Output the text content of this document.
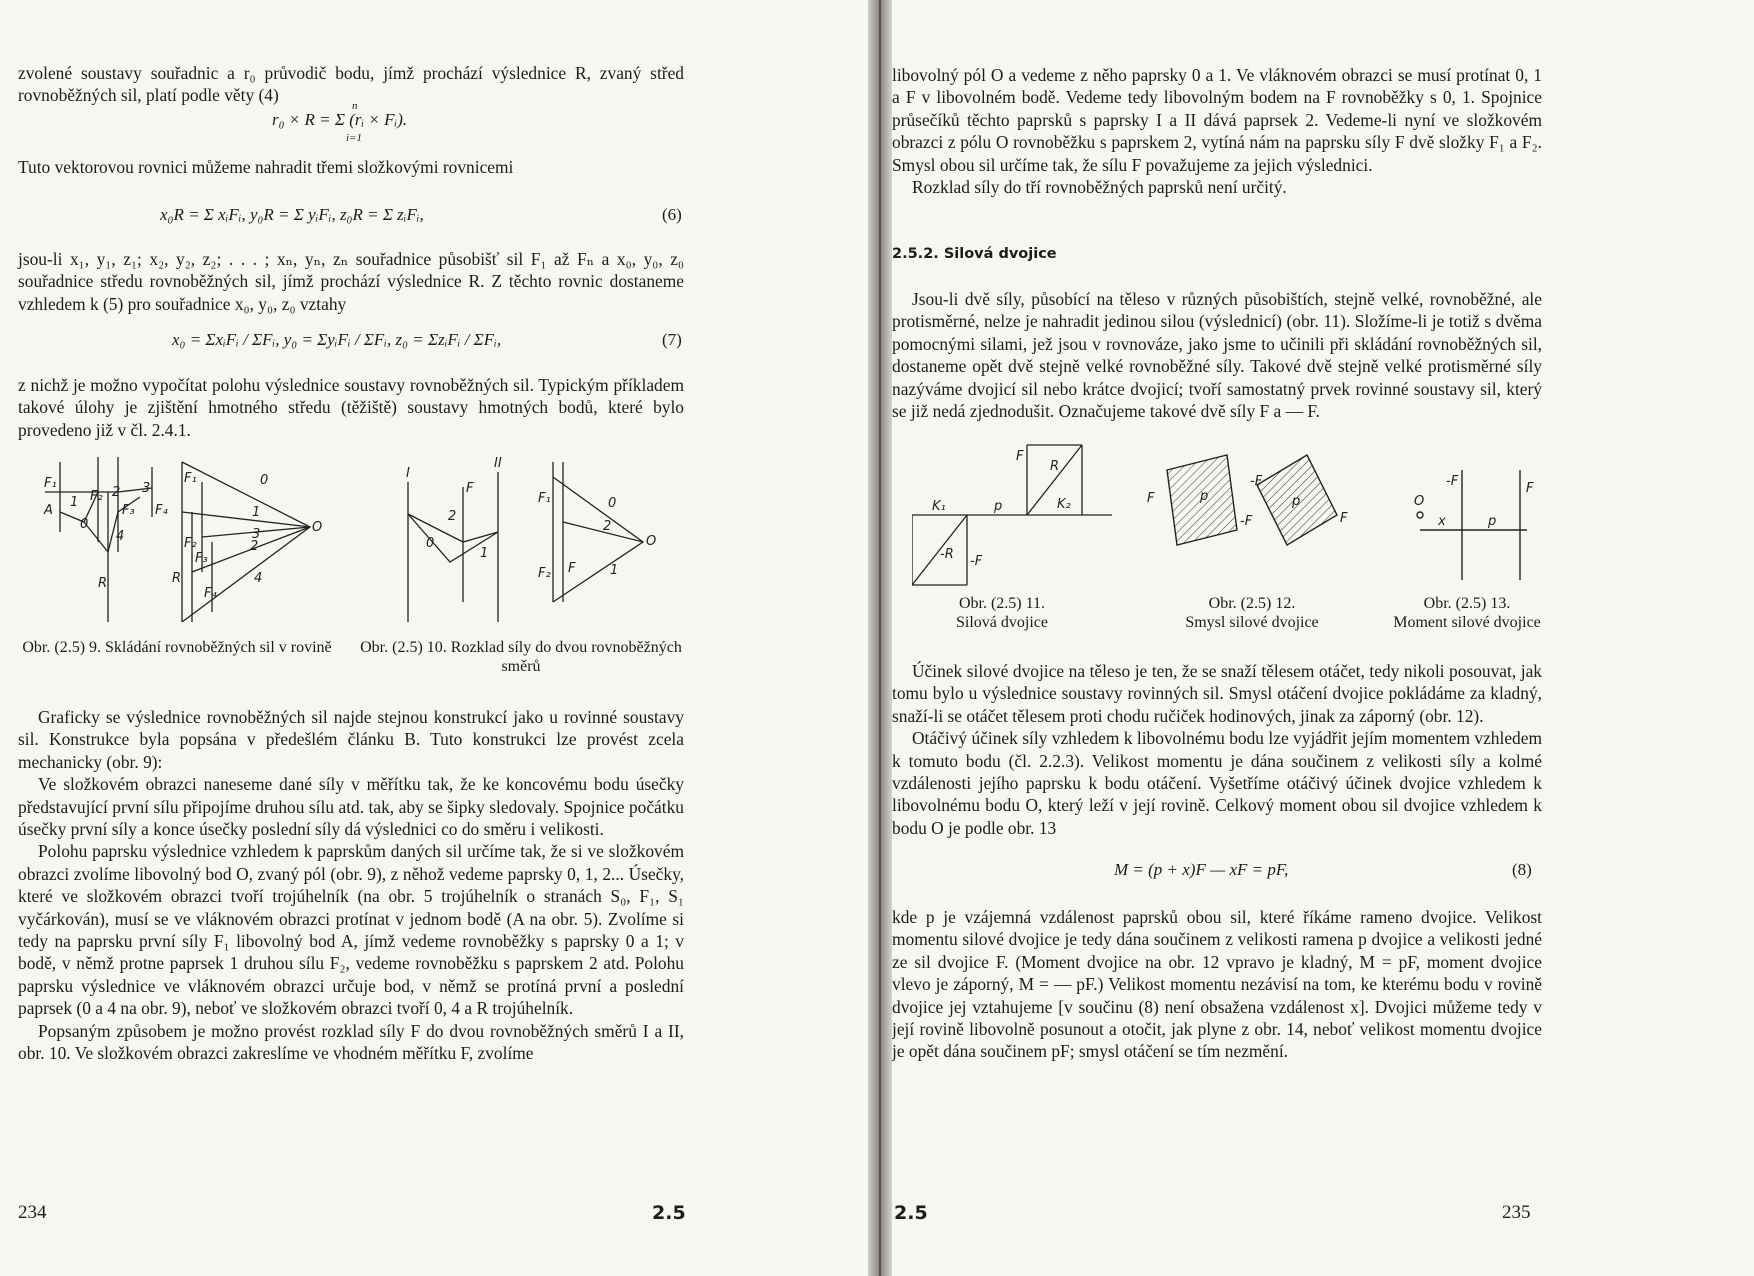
zvolené soustavy souřadnic a r₀ průvodič bodu, jímž prochází výslednice R, zvaný střed rovnoběžných sil, platí podle věty (4)

r₀ × R = Σ (rᵢ × Fᵢ).
n
i=1

Tuto vektorovou rovnici můžeme nahradit třemi složkovými rovnicemi

x₀R = Σ xᵢFᵢ, y₀R = Σ yᵢFᵢ, z₀R = Σ zᵢFᵢ,	(6)

jsou-li x₁, y₁, z₁; x₂, y₂, z₂; . . . ; xₙ, yₙ, zₙ souřadnice působišť sil F₁ až Fₙ a x₀, y₀, z₀ souřadnice středu rovnoběžných sil, jímž prochází výslednice R. Z těchto rovnic dostaneme vzhledem k (5) pro souřadnice x₀, y₀, z₀ vztahy

x₀ = ΣxᵢFᵢ / ΣFᵢ, y₀ = ΣyᵢFᵢ / ΣFᵢ, z₀ = ΣzᵢFᵢ / ΣFᵢ,	(7)

z nichž je možno vypočítat polohu výslednice soustavy rovnoběžných sil. Typickým příkladem takové úlohy je zjištění hmotného středu (těžiště) soustavy hmotných bodů, které bylo provedeno již v čl. 2.4.1.

F₁
A
1 F₂
0
2
F₃
3
F₄
4
R
F₁
F₂
F₃
R
F₄
0
1
2
3
4
O
I
II
F
2
0
1
F₁
F₂ F
0
2
1
O
Obr. (2.5) 9. Skládání rovnoběžných sil v rovině	Obr. (2.5) 10. Rozklad síly do dvou rovnoběžných směrů

Graficky se výslednice rovnoběžných sil najde stejnou konstrukcí jako u rovinné soustavy sil. Konstrukce byla popsána v předešlém článku B. Tuto konstrukci lze provést zcela mechanicky (obr. 9):

Ve složkovém obrazci naneseme dané síly v měřítku tak, že ke koncovému bodu úsečky představující první sílu připojíme druhou sílu atd. tak, aby se šipky sledovaly. Spojnice počátku úsečky první síly a konce úsečky poslední síly dá výslednici co do směru i velikosti.

Polohu paprsku výslednice vzhledem k paprskům daných sil určíme tak, že si ve složkovém obrazci zvolíme libovolný bod O, zvaný pól (obr. 9), z něhož vedeme paprsky 0, 1, 2... Úsečky, které ve složkovém obrazci tvoří trojúhelník (na obr. 5 trojúhelník o stranách S₀, F₁, S₁ vyčárkován), musí se ve vláknovém obrazci protínat v jednom bodě (A na obr. 5). Zvolíme si tedy na paprsku první síly F₁ libovolný bod A, jímž vedeme rovnoběžky s paprsky 0 a 1; v bodě, v němž protne paprsek 1 druhou sílu F₂, vedeme rovnoběžku s paprskem 2 atd. Polohu paprsku výslednice ve vláknovém obrazci určuje bod, v němž se protíná první a poslední paprsek (0 a 4 na obr. 9), neboť ve složkovém obrazci tvoří 0, 4 a R trojúhelník.

Popsaným způsobem je možno provést rozklad síly F do dvou rovnoběžných směrů I a II, obr. 10. Ve složkovém obrazci zakreslíme ve vhodném měřítku F, zvolíme

234	2.5

libovolný pól O a vedeme z něho paprsky 0 a 1. Ve vláknovém obrazci se musí protínat 0, 1 a F v libovolném bodě. Vedeme tedy libovolným bodem na F rovnoběžky s 0, 1. Spojnice průsečíků těchto paprsků s paprsky I a II dává paprsek 2. Vedeme-li nyní ve složkovém obrazci z pólu O rovnoběžku s paprskem 2, vytíná nám na paprsku síly F dvě složky F₁ a F₂. Smysl obou sil určíme tak, že sílu F považujeme za jejich výslednici.

Rozklad síly do tří rovnoběžných paprsků není určitý.

2.5.2. Silová dvojice

Jsou-li dvě síly, působící na těleso v různých působištích, stejně velké, rovnoběžné, ale protisměrné, nelze je nahradit jedinou silou (výslednicí) (obr. 11). Složíme-li je totiž s dvěma pomocnými silami, jež jsou v rovnováze, jako jsme to učinili při skládání rovnoběžných sil, dostaneme opět dvě stejně velké rovnoběžné síly. Takové dvě stejně velké protisměrné síly nazýváme dvojicí sil nebo krátce dvojicí; tvoří samostatný prvek rovinné soustavy sil, který se již nedá zjednodušit. Označujeme takové dvě síly F a — F.

F
R
K₁	p	K₂
-R -F
F	p
-F
-F
p
F
O
-F	F
x	p
Obr. (2.5) 11.
Silová dvojice
Obr. (2.5) 12.
Smysl silové dvojice
Obr. (2.5) 13.
Moment silové dvojice

Účinek silové dvojice na těleso je ten, že se snaží tělesem otáčet, tedy nikoli posouvat, jak tomu bylo u výslednice soustavy rovinných sil. Smysl otáčení dvojice pokládáme za kladný, snaží-li se otáčet tělesem proti chodu ručiček hodinových, jinak za záporný (obr. 12).

Otáčivý účinek síly vzhledem k libovolnému bodu lze vyjádřit jejím momentem vzhledem k tomuto bodu (čl. 2.2.3). Velikost momentu je dána součinem z velikosti síly a kolmé vzdálenosti jejího paprsku k bodu otáčení. Vyšetříme otáčivý účinek dvojice vzhledem k libovolnému bodu O, který leží v její rovině. Celkový moment obou sil dvojice vzhledem k bodu O je podle obr. 13

M = (p + x)F — xF = pF,	(8)

kde p je vzájemná vzdálenost paprsků obou sil, které říkáme rameno dvojice. Velikost momentu silové dvojice je tedy dána součinem z velikosti ramena p dvojice a velikosti jedné ze sil dvojice F. (Moment dvojice na obr. 12 vpravo je kladný, M = pF, moment dvojice vlevo je záporný, M = — pF.) Velikost momentu nezávisí na tom, ke kterému bodu v rovině dvojice jej vztahujeme [v součinu (8) není obsažena vzdálenost x]. Dvojici můžeme tedy v její rovině libovolně posunout a otočit, jak plyne z obr. 14, neboť velikost momentu dvojice je opět dána součinem pF; smysl otáčení se tím nezmění.

2.5	235
